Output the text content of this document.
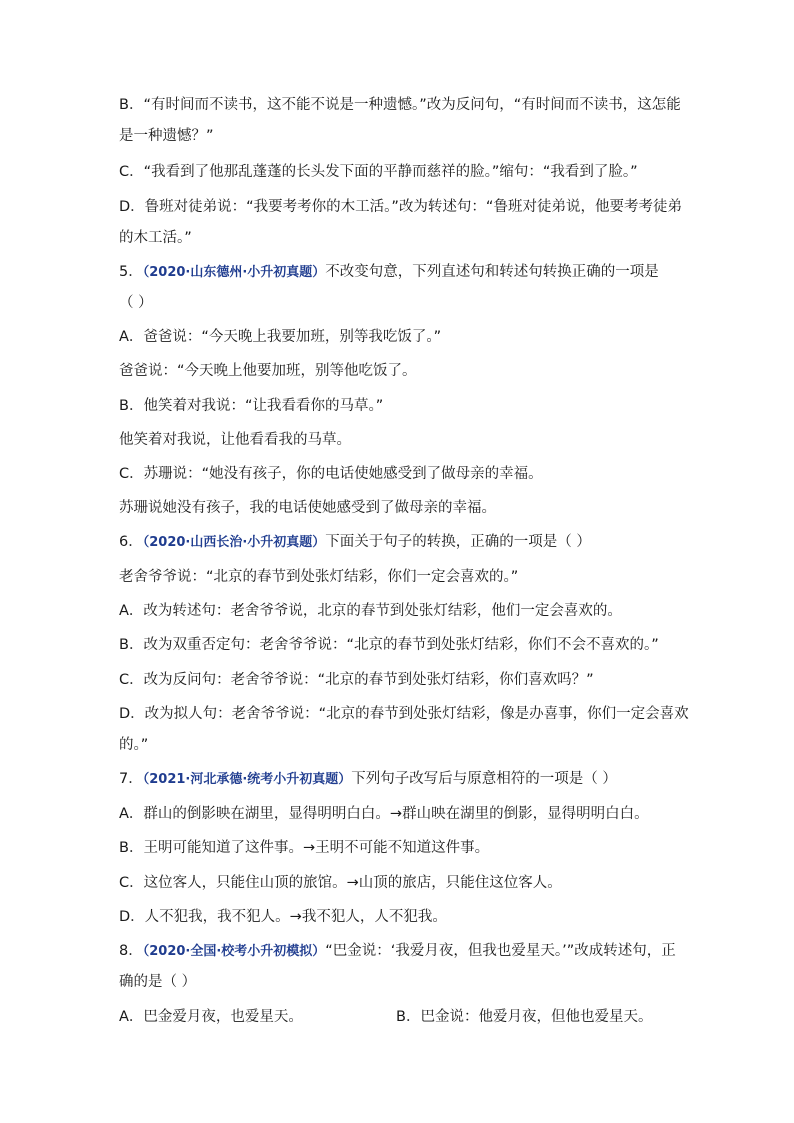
B．“有时间而不读书，这不能不说是一种遗憾。”改为反问句，“有时间而不读书，这怎能
是一种遗憾？”
C．“我看到了他那乱蓬蓬的长头发下面的平静而慈祥的脸。”缩句：“我看到了脸。”
D．鲁班对徒弟说：“我要考考你的木工活。”改为转述句：“鲁班对徒弟说，他要考考徒弟
的木工活。”
5．（2020·山东德州·小升初真题）不改变句意，下列直述句和转述句转换正确的一项是
（ ）
A．爸爸说：“今天晚上我要加班，别等我吃饭了。”
爸爸说：“今天晚上他要加班，别等他吃饭了。
B．他笑着对我说：“让我看看你的马草。”
他笑着对我说，让他看看我的马草。
C．苏珊说：“她没有孩子，你的电话使她感受到了做母亲的幸福。
苏珊说她没有孩子，我的电话使她感受到了做母亲的幸福。
6．（2020·山西长治·小升初真题）下面关于句子的转换，正确的一项是（ ）
老舍爷爷说：“北京的春节到处张灯结彩，你们一定会喜欢的。”
A．改为转述句：老舍爷爷说，北京的春节到处张灯结彩，他们一定会喜欢的。
B．改为双重否定句：老舍爷爷说：“北京的春节到处张灯结彩，你们不会不喜欢的。”
C．改为反问句：老舍爷爷说：“北京的春节到处张灯结彩，你们喜欢吗？”
D．改为拟人句：老舍爷爷说：“北京的春节到处张灯结彩，像是办喜事，你们一定会喜欢
的。”
7．（2021·河北承德·统考小升初真题）下列句子改写后与原意相符的一项是（ ）
A．群山的倒影映在湖里，显得明明白白。→群山映在湖里的倒影，显得明明白白。
B．王明可能知道了这件事。→王明不可能不知道这件事。
C．这位客人，只能住山顶的旅馆。→山顶的旅店，只能住这位客人。
D．人不犯我，我不犯人。→我不犯人，人不犯我。
8．（2020·全国·校考小升初模拟）“巴金说：‘我爱月夜，但我也爱星天。’”改成转述句，正
确的是（ ）
A．巴金爱月夜，也爱星天。	B．巴金说：他爱月夜，但他也爱星天。
